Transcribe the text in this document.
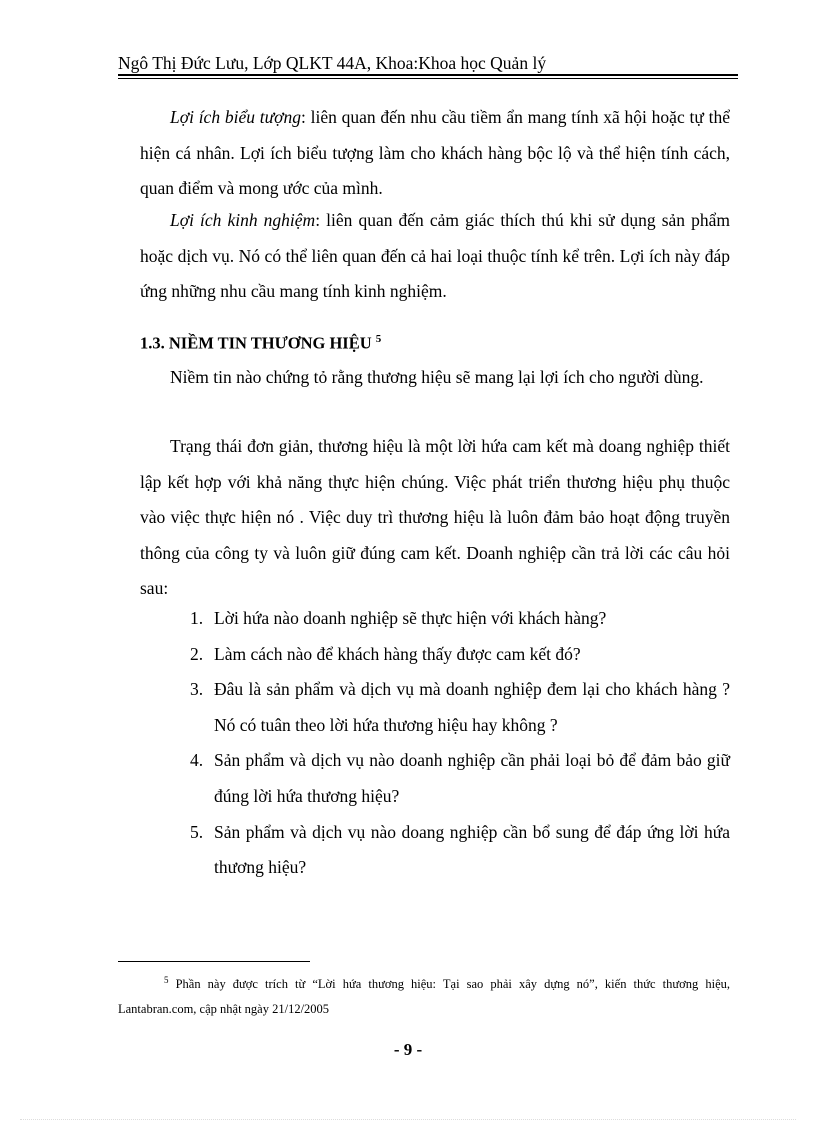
Ngô Thị Đức Lưu, Lớp QLKT 44A, Khoa:Khoa học Quản lý
Lợi ích biểu tượng: liên quan đến nhu cầu tiềm ẩn mang tính xã hội hoặc tự thể hiện cá nhân. Lợi ích biểu tượng làm cho khách hàng bộc lộ và thể hiện tính cách, quan điểm và mong ước của mình.
Lợi ích kinh nghiệm: liên quan đến cảm giác thích thú khi sử dụng sản phẩm hoặc dịch vụ. Nó có thể liên quan đến cả hai loại thuộc tính kể trên. Lợi ích này đáp ứng những nhu cầu mang tính kinh nghiệm.
1.3. NIỀM TIN THƯƠNG HIỆU $^5$
Niềm tin nào chứng tỏ rằng thương hiệu sẽ mang lại lợi ích cho người dùng.
Trạng thái đơn giản, thương hiệu là một lời hứa cam kết mà doang nghiệp thiết lập kết hợp với khả năng thực hiện chúng. Việc phát triển thương hiệu phụ thuộc vào việc thực hiện nó . Việc duy trì thương hiệu là luôn đảm bảo hoạt động truyền thông của công ty và luôn giữ đúng cam kết. Doanh nghiệp cần trả lời các câu hỏi sau:
1. Lời hứa nào doanh nghiệp sẽ thực hiện với khách hàng?
2. Làm cách nào để khách hàng thấy được cam kết đó?
3. Đâu là sản phẩm và dịch vụ mà doanh nghiệp đem lại cho khách hàng ? Nó có tuân theo lời hứa thương hiệu hay không ?
4. Sản phẩm và dịch vụ nào doanh nghiệp cần phải loại bỏ để đảm bảo giữ đúng lời hứa thương hiệu?
5. Sản phẩm và dịch vụ nào doang nghiệp cần bổ sung để đáp ứng lời hứa thương hiệu?
$^5$ Phần này được trích từ “Lời hứa thương hiệu: Tại sao phải xây dựng nó”, kiến thức thương hiệu, Lantabran.com, cập nhật ngày 21/12/2005
- 9 -
